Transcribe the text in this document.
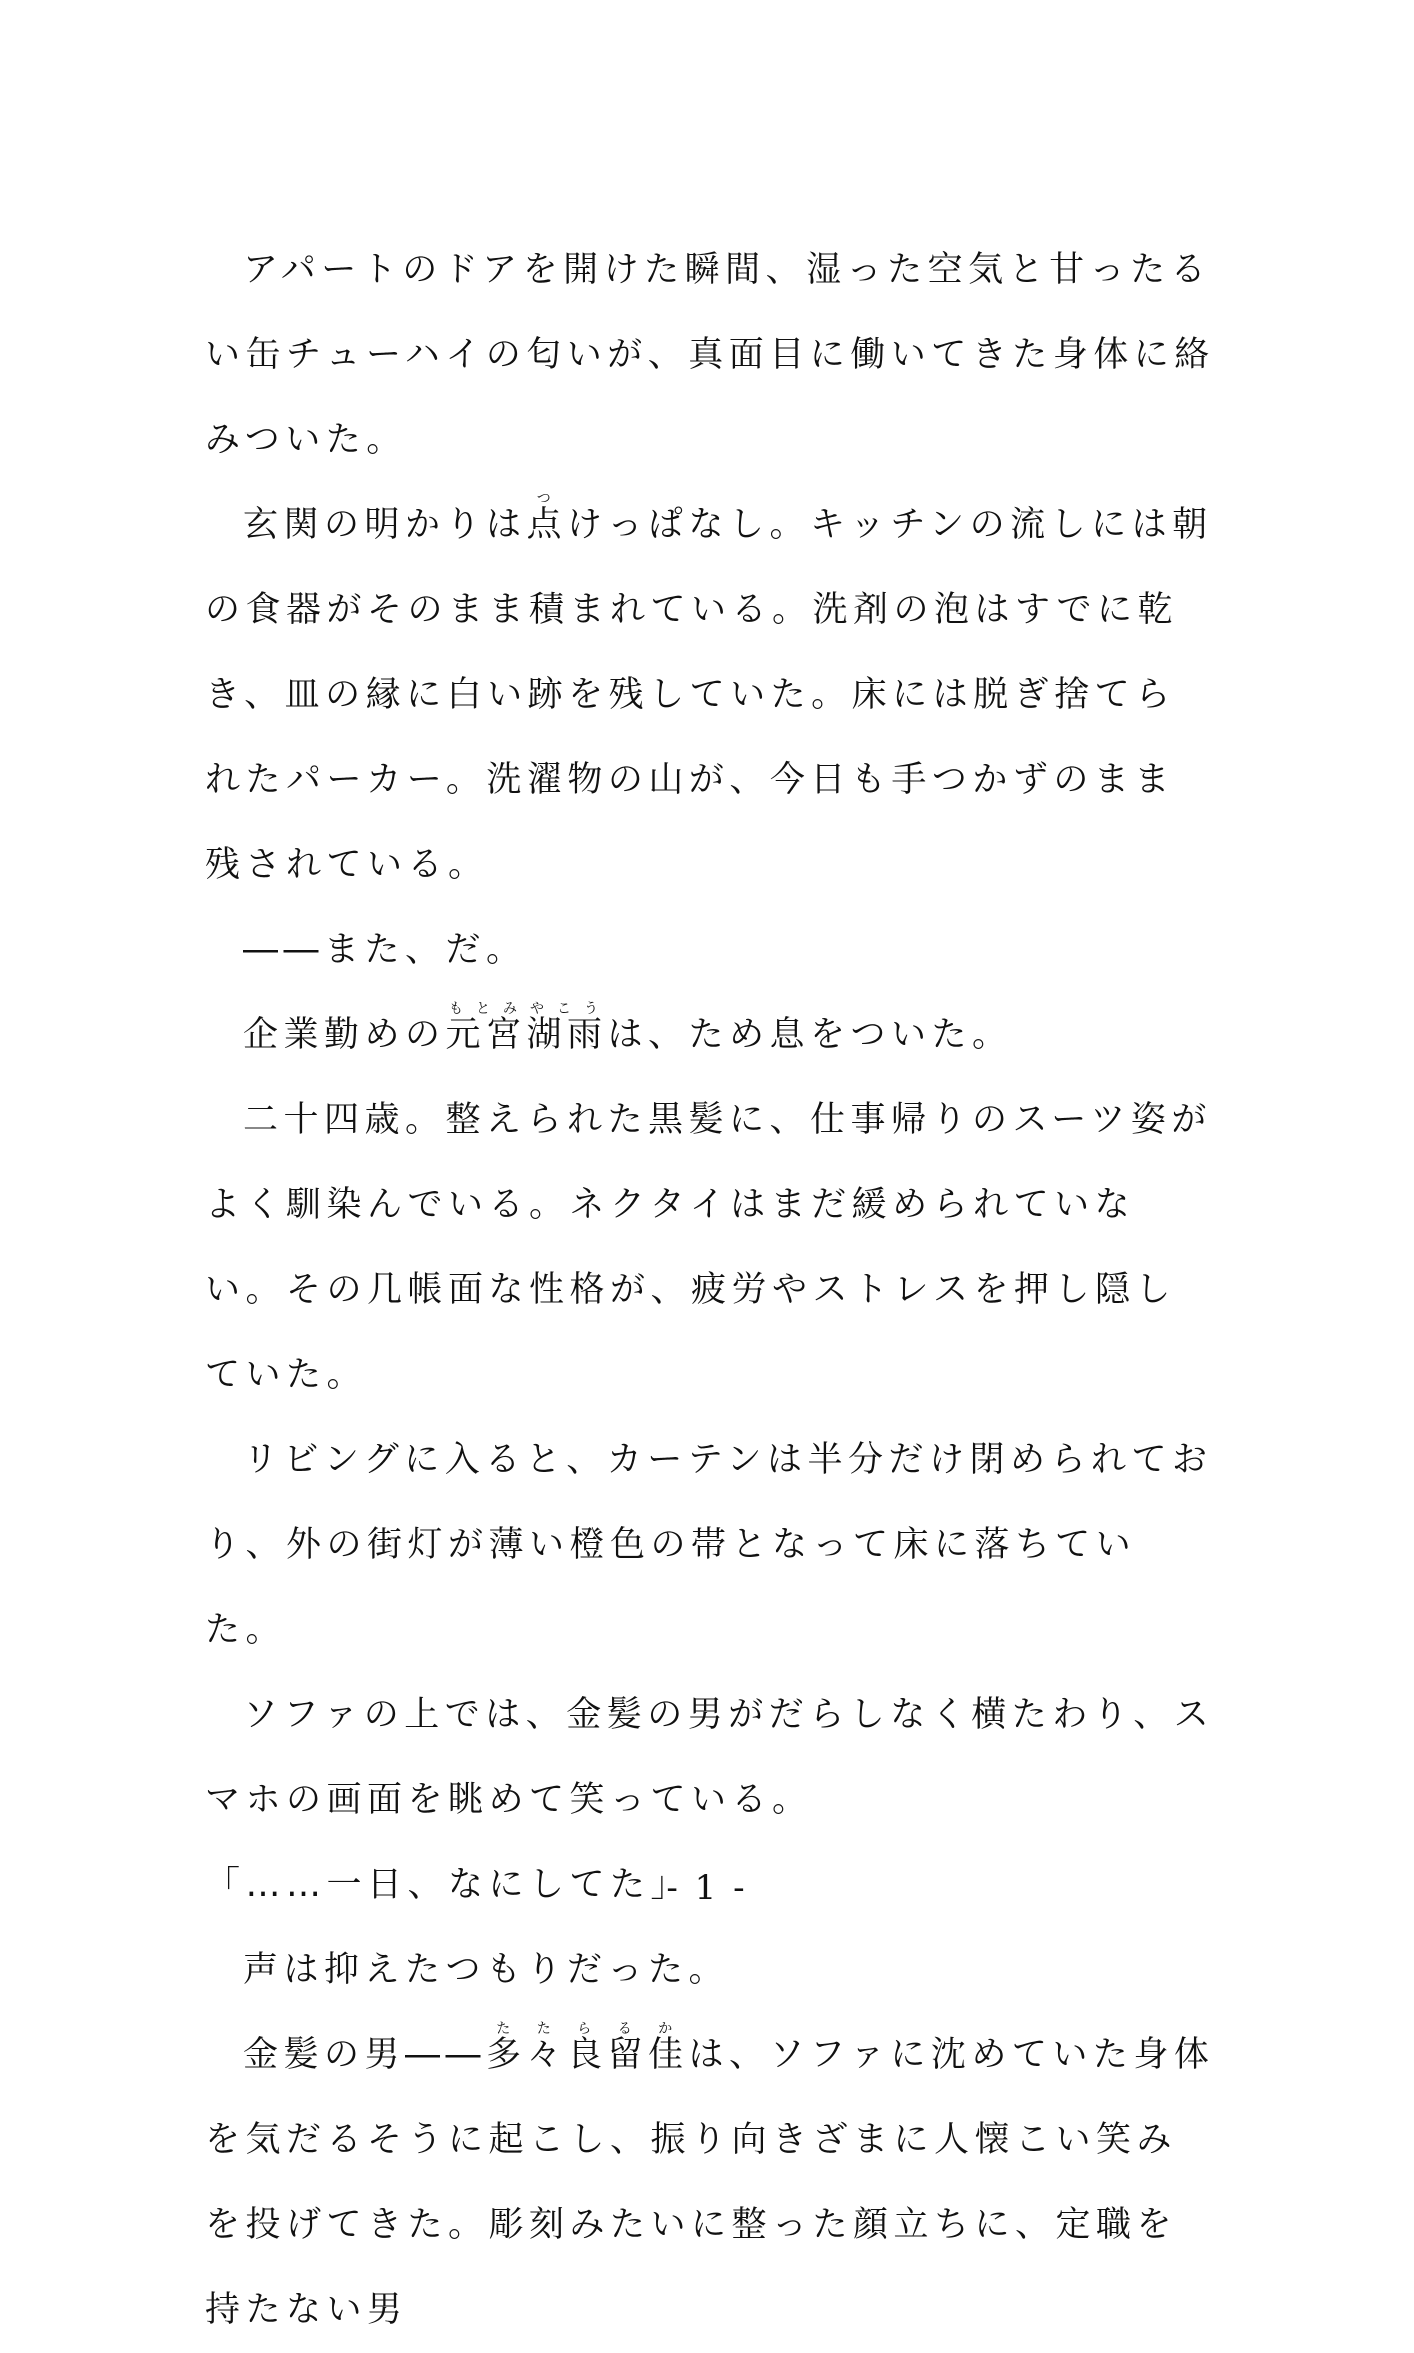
アパートのドアを開けた瞬間、湿った空気と甘ったるい缶チューハイの匂いが、真面目に働いてきた身体に絡みついた。

玄関の明かりは点つけっぱなし。キッチンの流しには朝の食器がそのまま積まれている。洗剤の泡はすでに乾き、皿の縁に白い跡を残していた。床には脱ぎ捨てられたパーカー。洗濯物の山が、今日も手つかずのまま残されている。

――また、だ。

企業勤めの元宮湖雨もとみやこうは、ため息をついた。

二十四歳。整えられた黒髪に、仕事帰りのスーツ姿がよく馴染んでいる。ネクタイはまだ緩められていない。その几帳面な性格が、疲労やストレスを押し隠していた。

リビングに入ると、カーテンは半分だけ閉められており、外の街灯が薄い橙色の帯となって床に落ちていた。

ソファの上では、金髪の男がだらしなく横たわり、スマホの画面を眺めて笑っている。

「……一日、なにしてた」

声は抑えたつもりだった。

金髪の男――多々良留佳たたらるかは、ソファに沈めていた身体を気だるそうに起こし、振り向きざまに人懐こい笑みを投げてきた。彫刻みたいに整った顔立ちに、定職を持たない男

- 1 -
